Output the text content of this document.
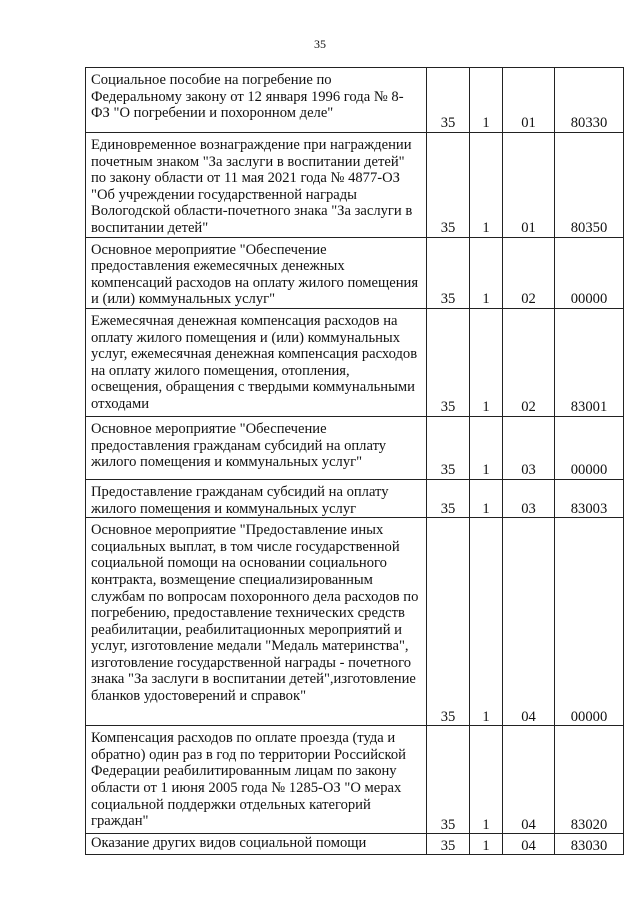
35
Социальное пособие на погребение по Федеральному закону от 12 января 1996 года № 8-ФЗ "О погребении и похоронном деле"	35	1	01	80330

Единовременное вознаграждение при награждении почетным знаком "За заслуги в воспитании детей" по закону области от 11 мая 2021 года № 4877-ОЗ "Об учреждении государственной награды Вологодской области-почетного знака "За заслуги в воспитании детей"	35	1	01	80350

Основное мероприятие "Обеспечение предоставления ежемесячных денежных компенсаций расходов на оплату жилого помещения и (или) коммунальных услуг"	35	1	02	00000

Ежемесячная денежная компенсация расходов на оплату жилого помещения и (или) коммунальных услуг, ежемесячная денежная компенсация расходов на оплату жилого помещения, отопления, освещения, обращения с твердыми коммунальными отходами	35	1	02	83001

Основное мероприятие "Обеспечение предоставления гражданам субсидий на оплату жилого помещения и коммунальных услуг"	35	1	03	00000

Предоставление гражданам субсидий на оплату жилого помещения и коммунальных услуг	35	1	03	83003

Основное мероприятие "Предоставление иных социальных выплат, в том числе государственной социальной помощи на основании социального контракта, возмещение специализированным службам по вопросам похоронного дела расходов по погребению, предоставление технических средств реабилитации, реабилитационных мероприятий и услуг, изготовление медали "Медаль материнства", изготовление государственной награды - почетного знака "За заслуги в воспитании детей",изготовление бланков удостоверений и справок"	35	1	04	00000

Компенсация расходов по оплате проезда (туда и обратно) один раз в год по территории Российской Федерации реабилитированным лицам по закону области от 1 июня 2005 года № 1285-ОЗ "О мерах социальной поддержки отдельных категорий граждан"	35	1	04	83020

Оказание других видов социальной помощи	35	1	04	83030
